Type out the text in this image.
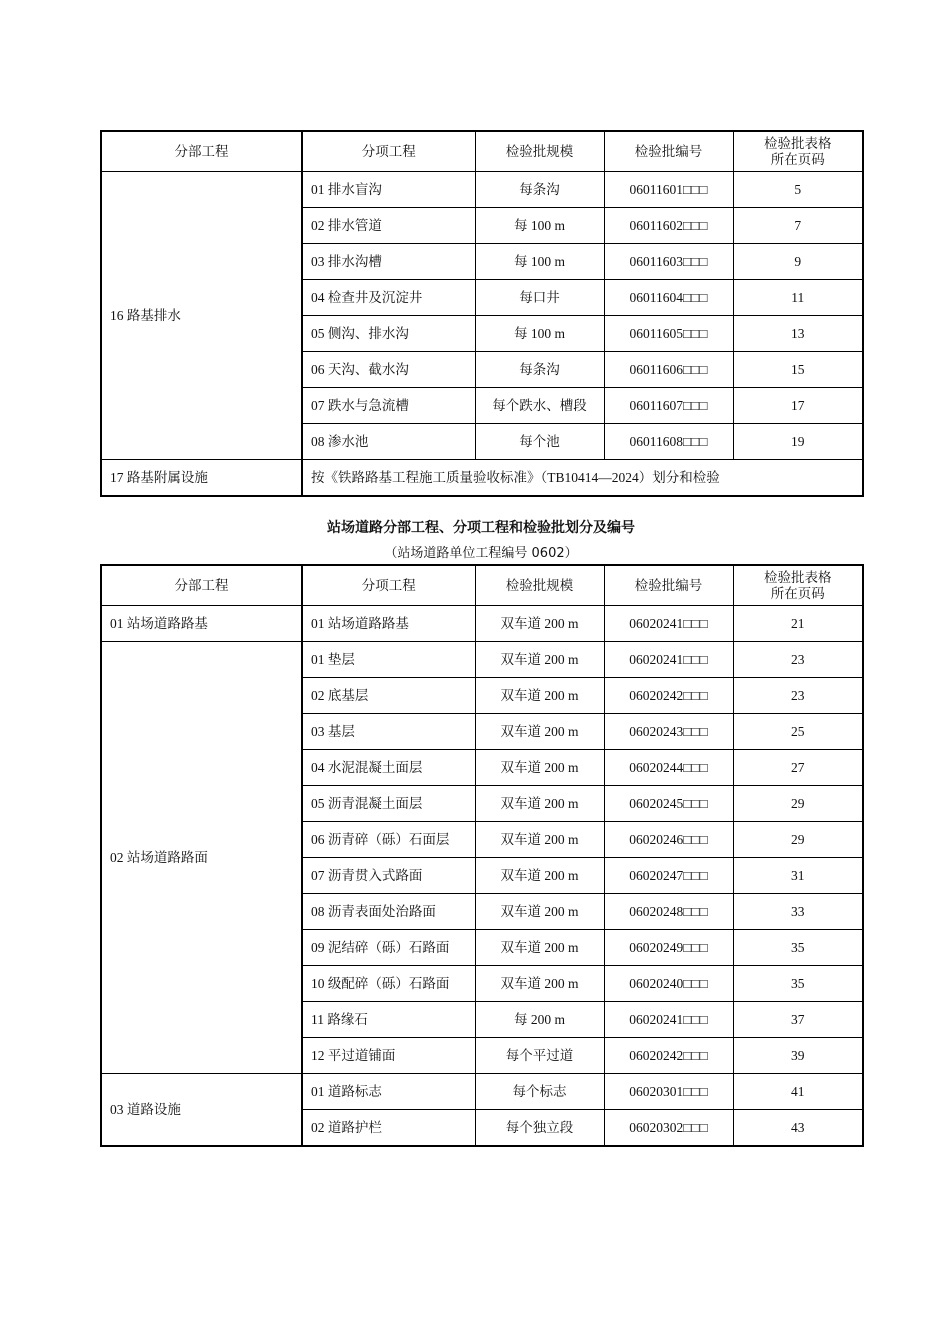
分部工程	分项工程	检验批规模	检验批编号	检验批表格
所在页码
16 路基排水	01 排水盲沟	每条沟	06011601□□□	5
	02 排水管道	每 100 m	06011602□□□	7
	03 排水沟槽	每 100 m	06011603□□□	9
	04 检查井及沉淀井	每口井	06011604□□□	11
	05 侧沟、排水沟	每 100 m	06011605□□□	13
	06 天沟、截水沟	每条沟	06011606□□□	15
	07 跌水与急流槽	每个跌水、槽段	06011607□□□	17
	08 渗水池	每个池	06011608□□□	19
17 路基附属设施	按《铁路路基工程施工质量验收标准》（TB10414—2024）划分和检验			
站场道路分部工程、分项工程和检验批划分及编号
（站场道路单位工程编号 0602）
分部工程	分项工程	检验批规模	检验批编号	检验批表格
所在页码
01 站场道路路基	01 站场道路路基	双车道 200 m	06020241□□□	21
02 站场道路路面	01 垫层	双车道 200 m	06020241□□□	23
	02 底基层	双车道 200 m	06020242□□□	23
	03 基层	双车道 200 m	06020243□□□	25
	04 水泥混凝土面层	双车道 200 m	06020244□□□	27
	05 沥青混凝土面层	双车道 200 m	06020245□□□	29
	06 沥青碎（砾）石面层	双车道 200 m	06020246□□□	29
	07 沥青贯入式路面	双车道 200 m	06020247□□□	31
	08 沥青表面处治路面	双车道 200 m	06020248□□□	33
	09 泥结碎（砾）石路面	双车道 200 m	06020249□□□	35
	10 级配碎（砾）石路面	双车道 200 m	06020240□□□	35
	11 路缘石	每 200 m	06020241□□□	37
	12 平过道铺面	每个平过道	06020242□□□	39
03 道路设施	01 道路标志	每个标志	06020301□□□	41
	02 道路护栏	每个独立段	06020302□□□	43
